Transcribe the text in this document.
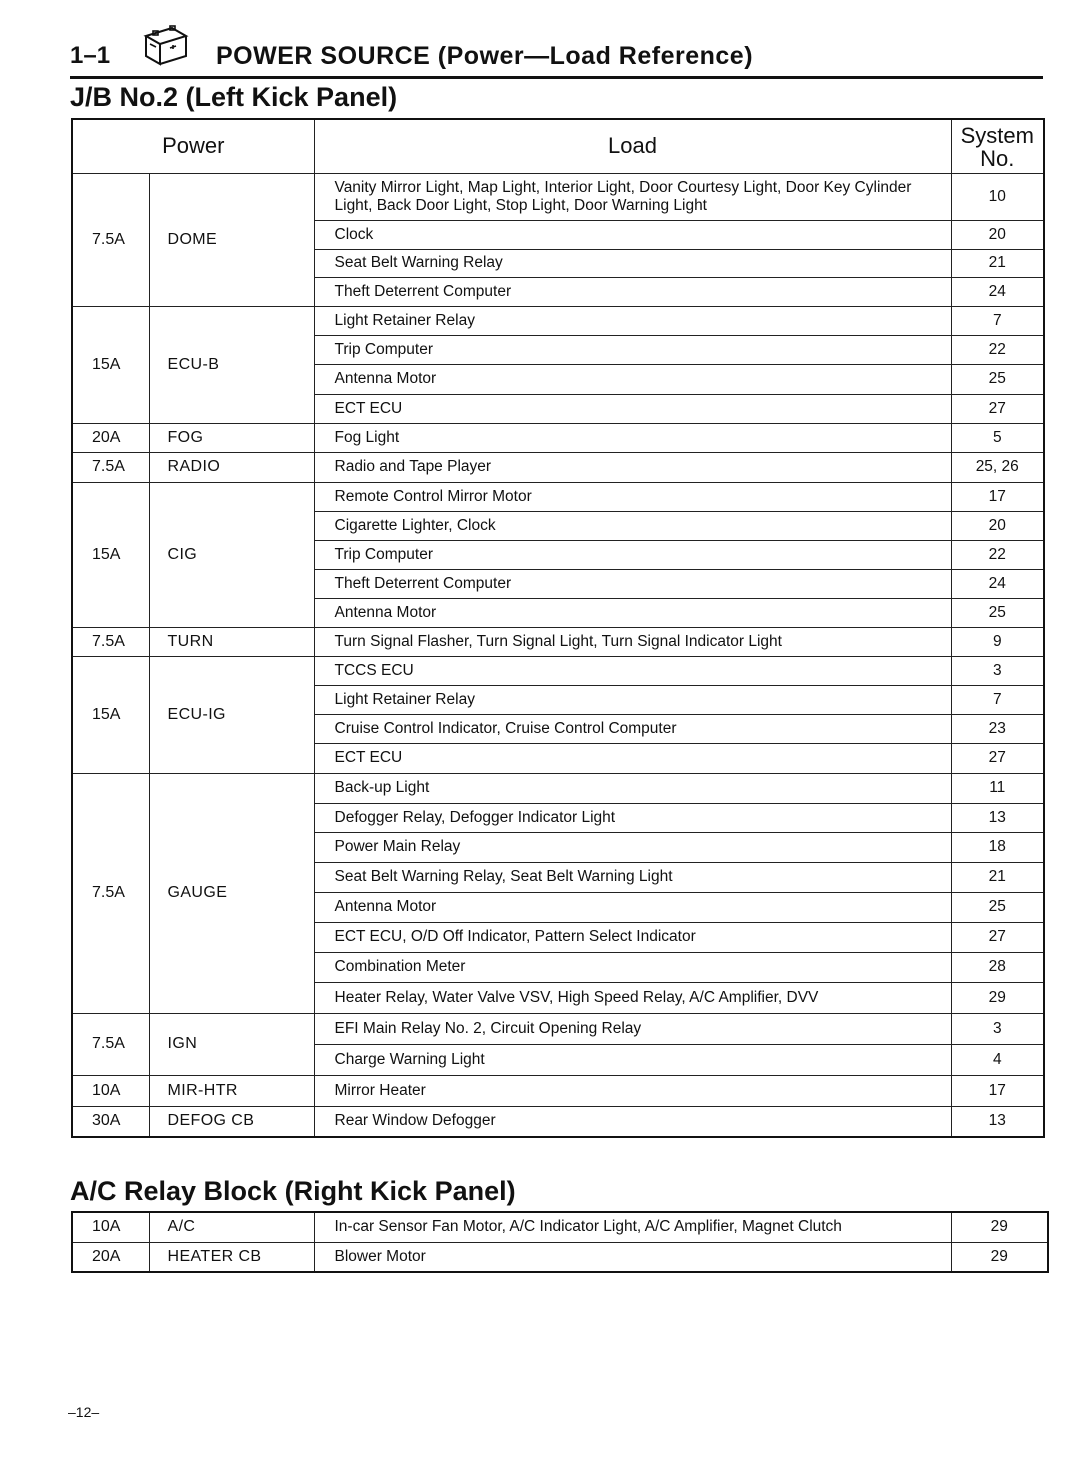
1–1	POWER SOURCE (Power—Load Reference)
J/B No.2 (Left Kick Panel)
Power		Load	System
No.
7.5A	DOME	Vanity Mirror Light, Map Light, Interior Light, Door Courtesy Light, Door Key Cylinder Light, Back Door Light, Stop Light, Door Warning Light	10
		Clock	20
		Seat Belt Warning Relay	21
		Theft Deterrent Computer	24
15A	ECU-B	Light Retainer Relay	7
		Trip Computer	22
		Antenna Motor	25
		ECT ECU	27
20A	FOG	Fog Light	5
7.5A	RADIO	Radio and Tape Player	25, 26
15A	CIG	Remote Control Mirror Motor	17
		Cigarette Lighter, Clock	20
		Trip Computer	22
		Theft Deterrent Computer	24
		Antenna Motor	25
7.5A	TURN	Turn Signal Flasher, Turn Signal Light, Turn Signal Indicator Light	9
15A	ECU-IG	TCCS ECU	3
		Light Retainer Relay	7
		Cruise Control Indicator, Cruise Control Computer	23
		ECT ECU	27
7.5A	GAUGE	Back-up Light	11
		Defogger Relay, Defogger Indicator Light	13
		Power Main Relay	18
		Seat Belt Warning Relay, Seat Belt Warning Light	21
		Antenna Motor	25
		ECT ECU, O/D Off Indicator, Pattern Select Indicator	27
		Combination Meter	28
		Heater Relay, Water Valve VSV, High Speed Relay, A/C Amplifier, DVV	29
7.5A	IGN	EFI Main Relay No. 2, Circuit Opening Relay	3
		Charge Warning Light	4
10A	MIR-HTR	Mirror Heater	17
30A	DEFOG CB	Rear Window Defogger	13
A/C Relay Block (Right Kick Panel)
10A	A/C	In-car Sensor Fan Motor, A/C Indicator Light, A/C Amplifier, Magnet Clutch	29
20A	HEATER CB	Blower Motor	29
–12–
